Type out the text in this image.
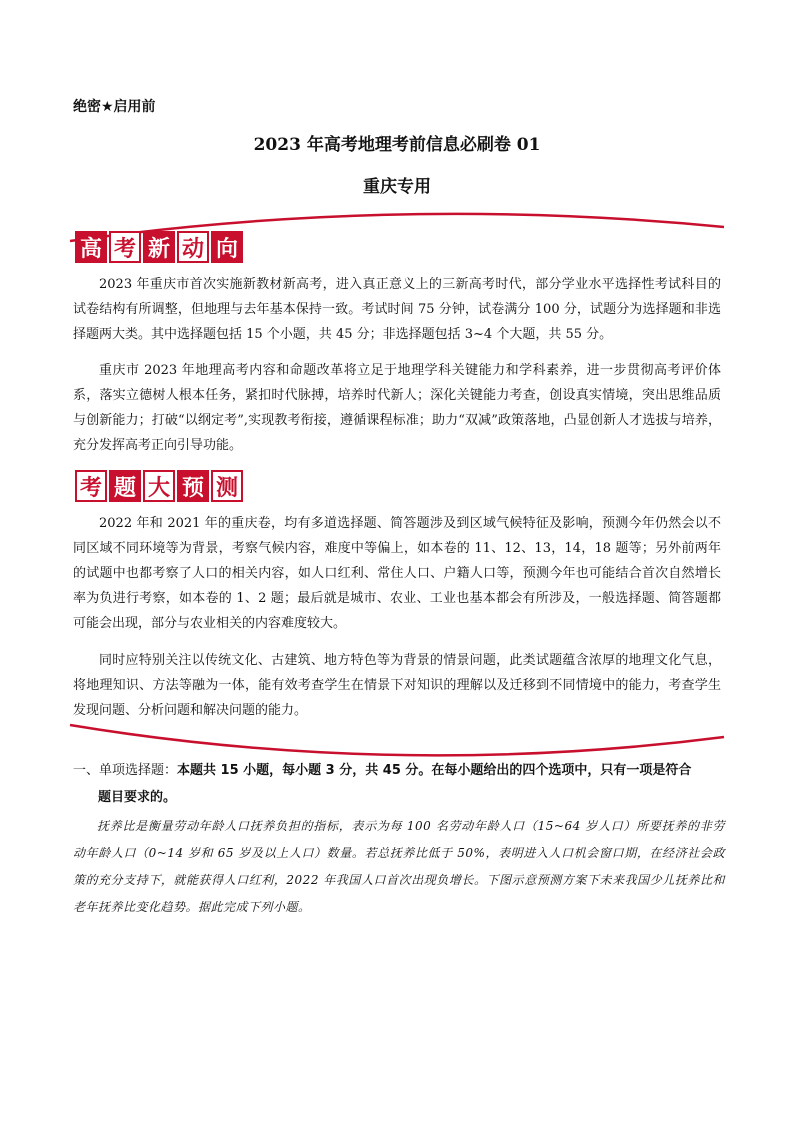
绝密★启用前
2023 年高考地理考前信息必刷卷 01
重庆专用
高 考 新 动 向

2023 年重庆市首次实施新教材新高考，进入真正意义上的三新高考时代，部分学业水平选择性考试科目的试卷结构有所调整，但地理与去年基本保持一致。考试时间 75 分钟，试卷满分 100 分，试题分为选择题和非选择题两大类。其中选择题包括 15 个小题，共 45 分；非选择题包括 3~4 个大题，共 55 分。

重庆市 2023 年地理高考内容和命题改革将立足于地理学科关键能力和学科素养，进一步贯彻高考评价体系，落实立德树人根本任务，紧扣时代脉搏，培养时代新人；深化关键能力考查，创设真实情境，突出思维品质与创新能力；打破“以纲定考”,实现教考衔接，遵循课程标准；助力“双减”政策落地，凸显创新人才选拔与培养，充分发挥高考正向引导功能。

考 题 大 预 测

2022 年和 2021 年的重庆卷，均有多道选择题、简答题涉及到区域气候特征及影响，预测今年仍然会以不同区域不同环境等为背景，考察气候内容，难度中等偏上，如本卷的 11、12、13，14，18 题等；另外前两年的试题中也都考察了人口的相关内容，如人口红利、常住人口、户籍人口等，预测今年也可能结合首次自然增长率为负进行考察，如本卷的 1、2 题；最后就是城市、农业、工业也基本都会有所涉及，一般选择题、简答题都可能会出现，部分与农业相关的内容难度较大。

同时应特别关注以传统文化、古建筑、地方特色等为背景的情景问题，此类试题蕴含浓厚的地理文化气息，将地理知识、方法等融为一体，能有效考查学生在情景下对知识的理解以及迁移到不同情境中的能力，考查学生发现问题、分析问题和解决问题的能力。

一、单项选择题：本题共 15 小题，每小题 3 分，共 45 分。在每小题给出的四个选项中，只有一项是符合
题目要求的。

抚养比是衡量劳动年龄人口抚养负担的指标，表示为每 100 名劳动年龄人口（15~64 岁人口）所要抚养的非劳动年龄人口（0~14 岁和 65 岁及以上人口）数量。若总抚养比低于 50%，表明进入人口机会窗口期，在经济社会政策的充分支持下，就能获得人口红利，2022 年我国人口首次出现负增长。下图示意预测方案下未来我国少儿抚养比和老年抚养比变化趋势。据此完成下列小题。
